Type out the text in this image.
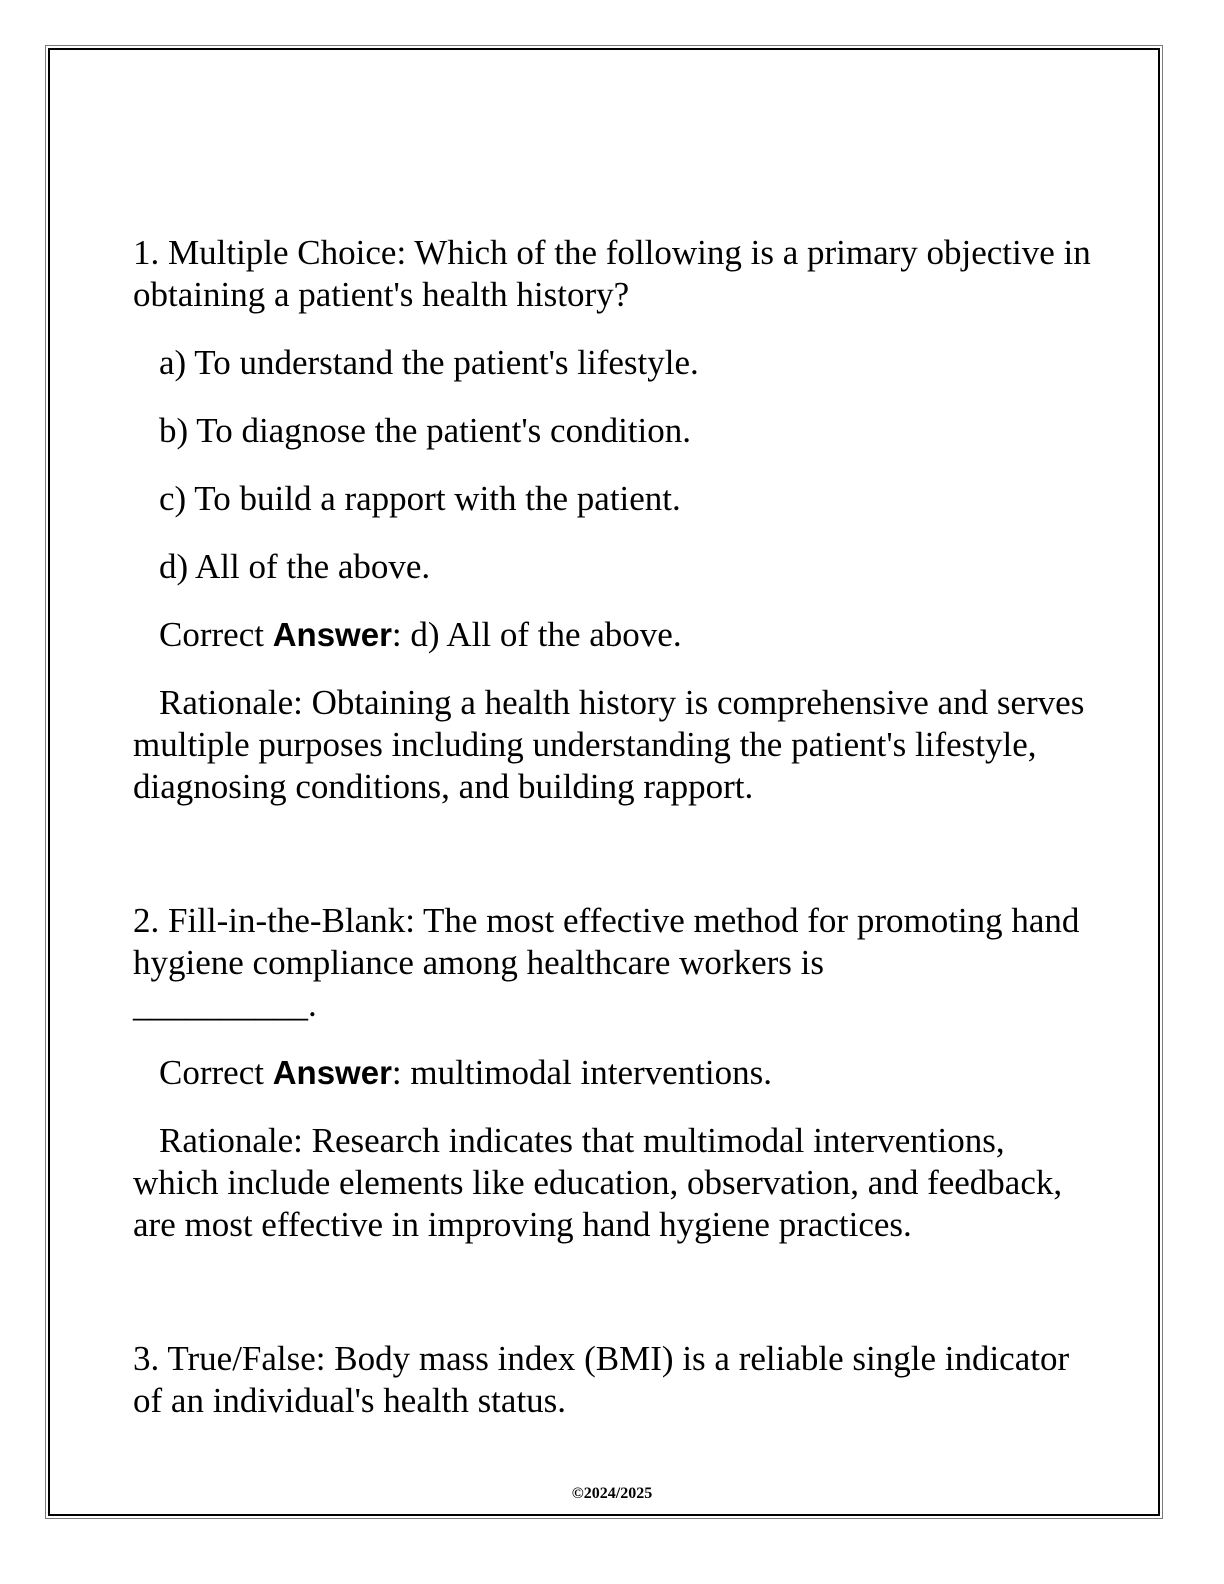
1. Multiple Choice: Which of the following is a primary objective in obtaining a patient's health history?

a) To understand the patient's lifestyle.

b) To diagnose the patient's condition.

c) To build a rapport with the patient.

d) All of the above.

Correct Answer: d) All of the above.

Rationale: Obtaining a health history is comprehensive and serves multiple purposes including understanding the patient's lifestyle, diagnosing conditions, and building rapport.

2. Fill-in-the-Blank: The most effective method for promoting hand hygiene compliance among healthcare workers is
__________.

Correct Answer: multimodal interventions.

Rationale: Research indicates that multimodal interventions, which include elements like education, observation, and feedback, are most effective in improving hand hygiene practices.

3. True/False: Body mass index (BMI) is a reliable single indicator of an individual's health status.

©2024/2025
